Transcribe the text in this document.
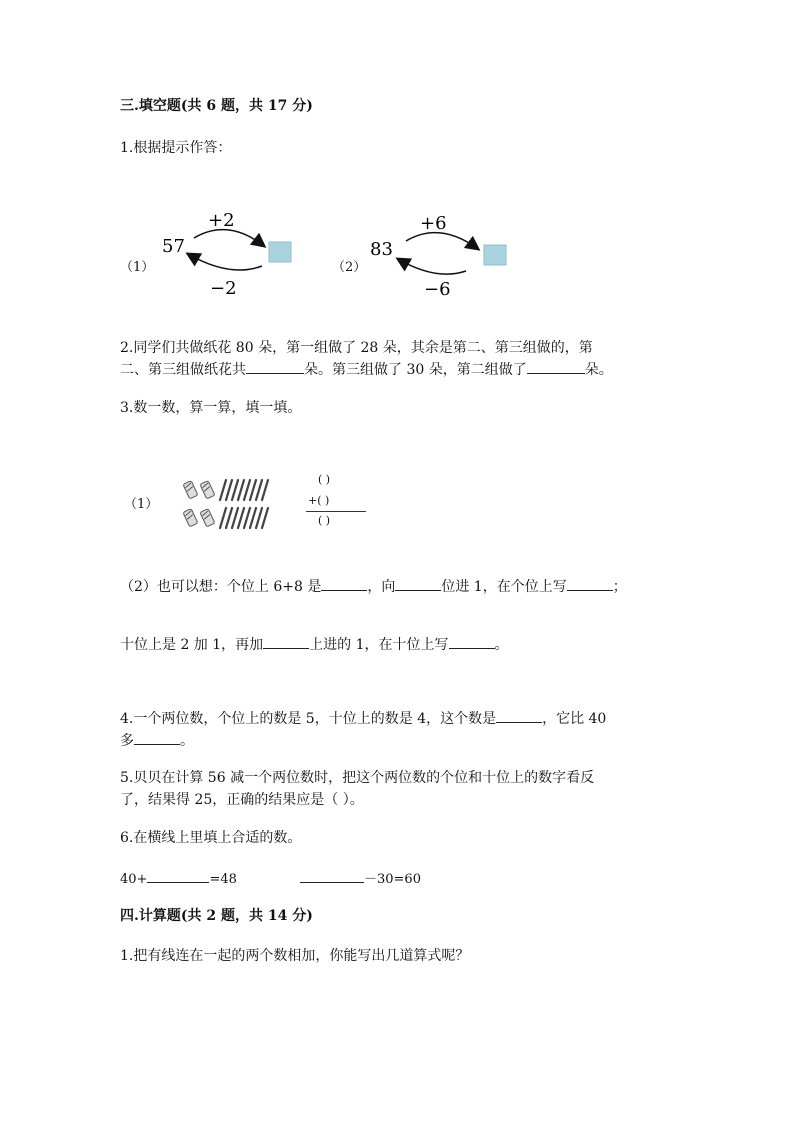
三.填空题(共 6 题，共 17 分)
1.根据提示作答：
（1）
57
+2
−2
（2）
83
+6
−6
2.同学们共做纸花 80 朵，第一组做了 28 朵，其余是第二、第三组做的，第
二、第三组做纸花共	朵。第三组做了 30 朵，第二组做了	朵。
3.数一数，算一算，填一填。
（1）
( )
+( )
( )
（2）也可以想：个位上 6+8 是	，向	位进 1，在个位上写	；
十位上是 2 加 1，再加	上进的 1，在十位上写	。
4.一个两位数，个位上的数是 5，十位上的数是 4，这个数是	，它比 40
多	。
5.贝贝在计算 56 减一个两位数时，把这个两位数的个位和十位上的数字看反
了，结果得 25，正确的结果应是（ ）。
6.在横线上里填上合适的数。
40+	=48	－30=60
四.计算题(共 2 题，共 14 分)
1.把有线连在一起的两个数相加，你能写出几道算式呢？
